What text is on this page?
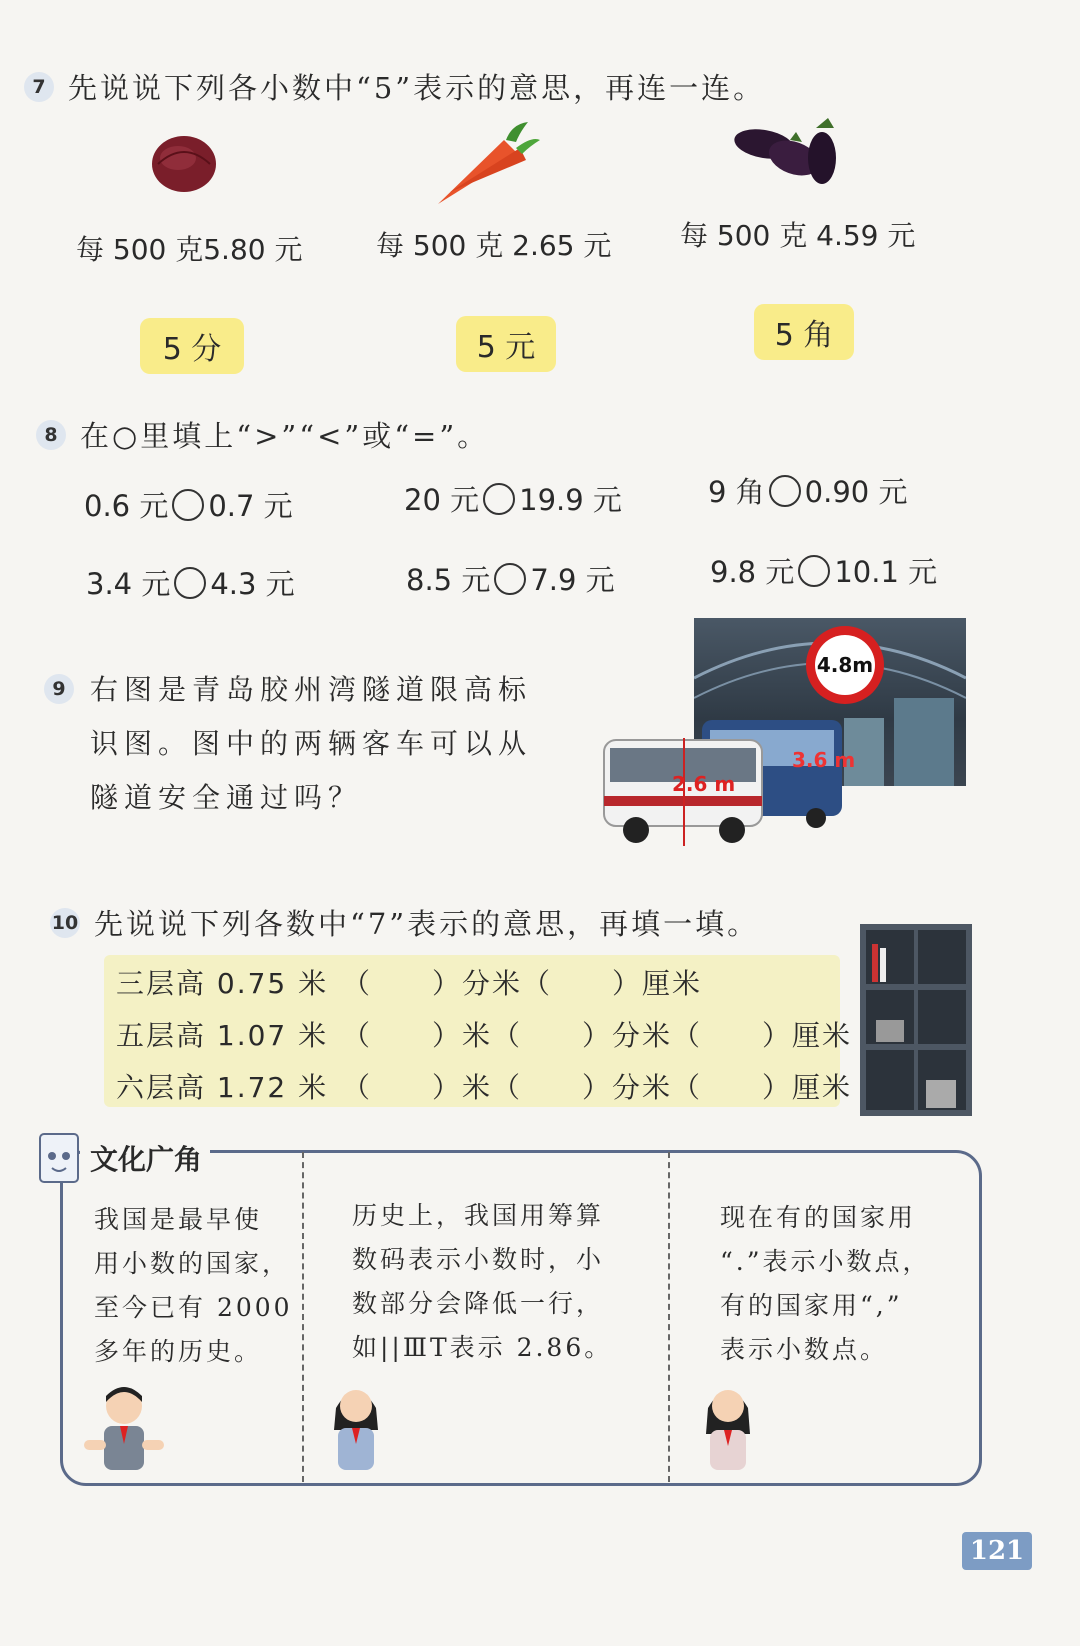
7 先说说下列各小数中“5”表示的意思，再连一连。
每 500 克5.80 元	每 500 克 2.65 元 每 500 克 4.59 元
5 分	5 元	5 角
8 在○里填上“>”“<”或“=”。
0.6 元 0.7 元	20 元 19.9 元	9 角 0.90 元
3.4 元 4.3 元	8.5 元 7.9 元	9.8 元 10.1 元
9 右图是青岛胶州湾隧道限高标
识图。图中的两辆客车可以从
隧道安全通过吗？
4.8m
3.6 m
2.6 m
10 先说说下列各数中“7”表示的意思，再填一填。
三层高 0.75 米 （　　）分米（　　）厘米
五层高 1.07 米 （　　）米（　　）分米（　　）厘米
六层高 1.72 米 （　　）米（　　）分米（　　）厘米
文化广角
我国是最早使
用小数的国家，
至今已有 2000
多年的历史。
历史上，我国用筹算
数码表示小数时，小
数部分会降低一行，
如||ⅢT表示 2.86。
现在有的国家用
“.”表示小数点，
有的国家用“,”
表示小数点。
121
